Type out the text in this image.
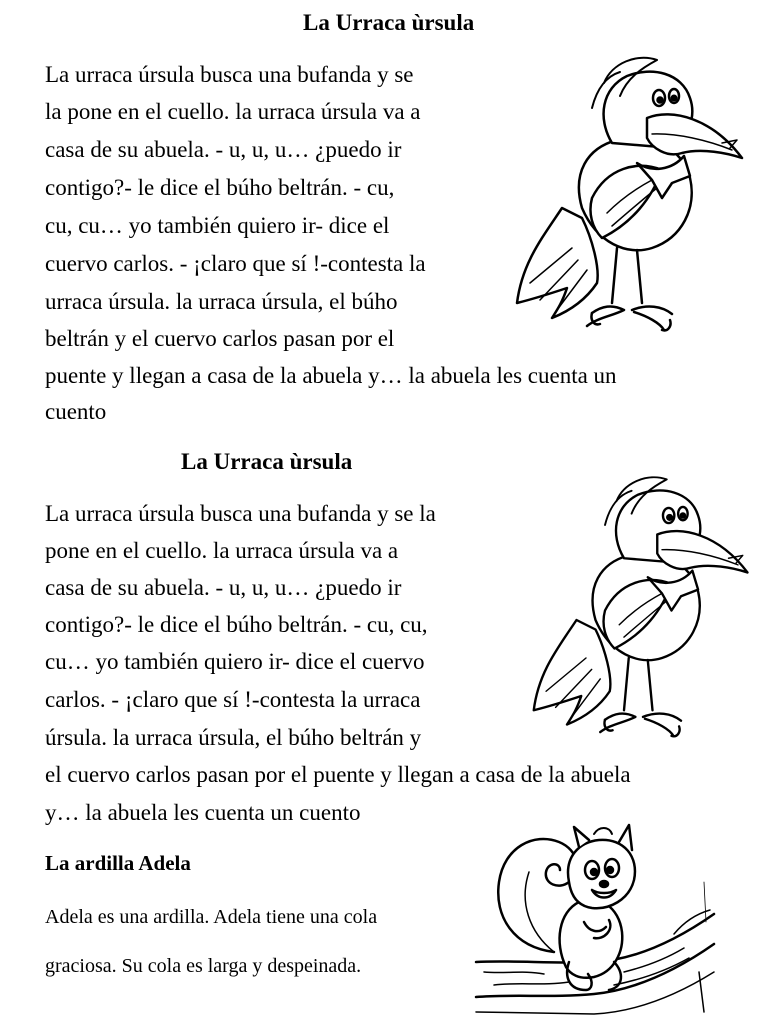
La Urraca ùrsula
La urraca úrsula busca una bufanda y se
la pone en el cuello. la urraca úrsula va a
casa de su abuela. - u, u, u… ¿puedo ir
contigo?- le dice el búho beltrán. - cu,
cu, cu… yo también quiero ir- dice el
cuervo carlos. - ¡claro que sí !-contesta la
urraca úrsula. la urraca úrsula, el búho
beltrán y el cuervo carlos pasan por el
puente y llegan a casa de la abuela y… la abuela les cuenta un
cuento
La Urraca ùrsula
La urraca úrsula busca una bufanda y se la
pone en el cuello. la urraca úrsula va a
casa de su abuela. - u, u, u… ¿puedo ir
contigo?- le dice el búho beltrán. - cu, cu,
cu… yo también quiero ir- dice el cuervo
carlos. - ¡claro que sí !-contesta la urraca
úrsula. la urraca úrsula, el búho beltrán y
el cuervo carlos pasan por el puente y llegan a casa de la abuela
y… la abuela les cuenta un cuento
La ardilla Adela
Adela es una ardilla. Adela tiene una cola
graciosa. Su cola es larga y despeinada.
